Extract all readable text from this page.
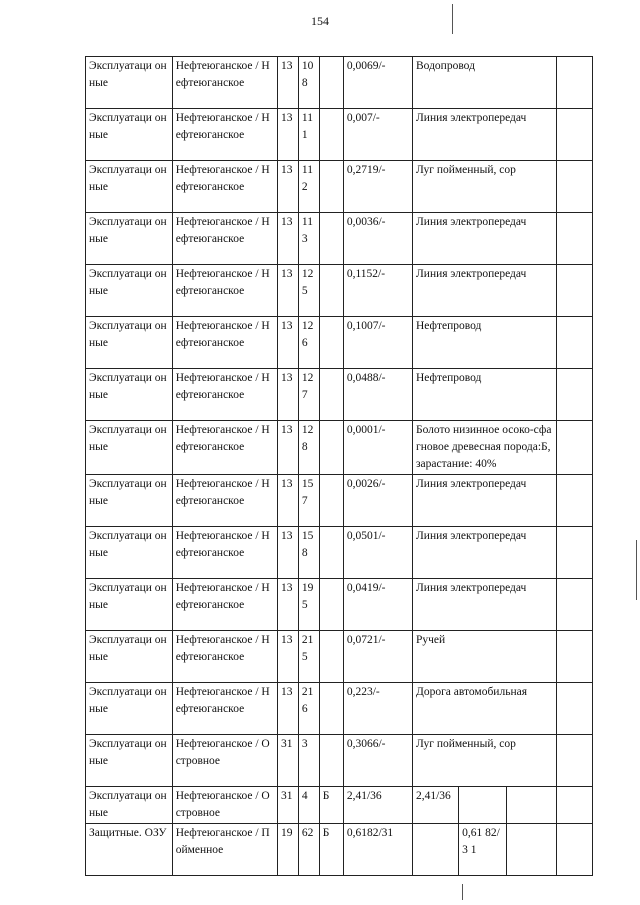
154
Эксплуатаци онные	Нефтеюганское / Нефтеюганское	13	10 8		0,0069/-	Водопровод			
Эксплуатаци онные	Нефтеюганское / Нефтеюганское	13	11 1		0,007/-	Линия электропередач			
Эксплуатаци онные	Нефтеюганское / Нефтеюганское	13	11 2		0,2719/-	Луг пойменный, сор			
Эксплуатаци онные	Нефтеюганское / Нефтеюганское	13	11 3		0,0036/-	Линия электропередач			
Эксплуатаци онные	Нефтеюганское / Нефтеюганское	13	12 5		0,1152/-	Линия электропередач			
Эксплуатаци онные	Нефтеюганское / Нефтеюганское	13	12 6		0,1007/-	Нефтепровод			
Эксплуатаци онные	Нефтеюганское / Нефтеюганское	13	12 7		0,0488/-	Нефтепровод			
Эксплуатаци онные	Нефтеюганское / Нефтеюганское	13	12 8		0,0001/-	Болото низинное осоко-сфагновое древесная порода:Б, зарастание: 40%			
Эксплуатаци онные	Нефтеюганское / Нефтеюганское	13	15 7		0,0026/-	Линия электропередач			
Эксплуатаци онные	Нефтеюганское / Нефтеюганское	13	15 8		0,0501/-	Линия электропередач			
Эксплуатаци онные	Нефтеюганское / Нефтеюганское	13	19 5		0,0419/-	Линия электропередач			
Эксплуатаци онные	Нефтеюганское / Нефтеюганское	13	21 5		0,0721/-	Ручей			
Эксплуатаци онные	Нефтеюганское / Нефтеюганское	13	21 6		0,223/-	Дорога автомобильная			
Эксплуатаци онные	Нефтеюганское / Островное	31	3		0,3066/-	Луг пойменный, сор			
Эксплуатаци онные	Нефтеюганское / Островное	31	4	Б	2,41/36	2,41/36			
Защитные. ОЗУ	Нефтеюганское / Пойменное	19	62	Б	0,6182/31		0,61 82/3 1		
